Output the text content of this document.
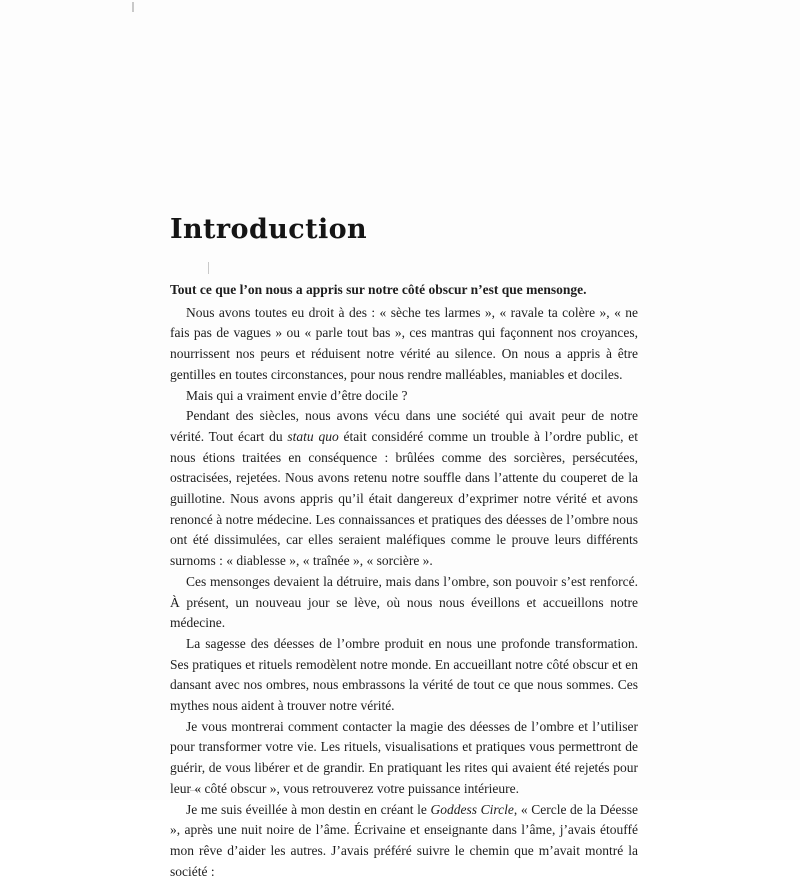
Introduction

Tout ce que l’on nous a appris sur notre côté obscur n’est que mensonge.

Nous avons toutes eu droit à des : « sèche tes larmes », « ravale ta colère », « ne fais pas de vagues » ou « parle tout bas », ces mantras qui façonnent nos croyances, nourrissent nos peurs et réduisent notre vérité au silence. On nous a appris à être gentilles en toutes circonstances, pour nous rendre malléables, maniables et dociles.

Mais qui a vraiment envie d’être docile ?

Pendant des siècles, nous avons vécu dans une société qui avait peur de notre vérité. Tout écart du statu quo était considéré comme un trouble à l’ordre public, et nous étions traitées en conséquence : brûlées comme des sorcières, persécutées, ostracisées, rejetées. Nous avons retenu notre souffle dans l’attente du couperet de la guillotine. Nous avons appris qu’il était dangereux d’exprimer notre vérité et avons renoncé à notre médecine. Les connaissances et pratiques des déesses de l’ombre nous ont été dissimulées, car elles seraient maléfiques comme le prouve leurs différents surnoms : « diablesse », « traînée », « sorcière ».

Ces mensonges devaient la détruire, mais dans l’ombre, son pouvoir s’est renforcé. À présent, un nouveau jour se lève, où nous nous éveillons et accueillons notre médecine.

La sagesse des déesses de l’ombre produit en nous une profonde transformation. Ses pratiques et rituels remodèlent notre monde. En accueillant notre côté obscur et en dansant avec nos ombres, nous embrassons la vérité de tout ce que nous sommes. Ces mythes nous aident à trouver notre vérité.

Je vous montrerai comment contacter la magie des déesses de l’ombre et l’utiliser pour transformer votre vie. Les rituels, visualisations et pratiques vous permettront de guérir, de vous libérer et de grandir. En pratiquant les rites qui avaient été rejetés pour leur « côté obscur », vous retrouverez votre puissance intérieure.

Je me suis éveillée à mon destin en créant le Goddess Circle, « Cercle de la Déesse », après une nuit noire de l’âme. Écrivaine et enseignante dans l’âme, j’avais étouffé mon rêve d’aider les autres. J’avais préféré suivre le chemin que m’avait montré la société :
